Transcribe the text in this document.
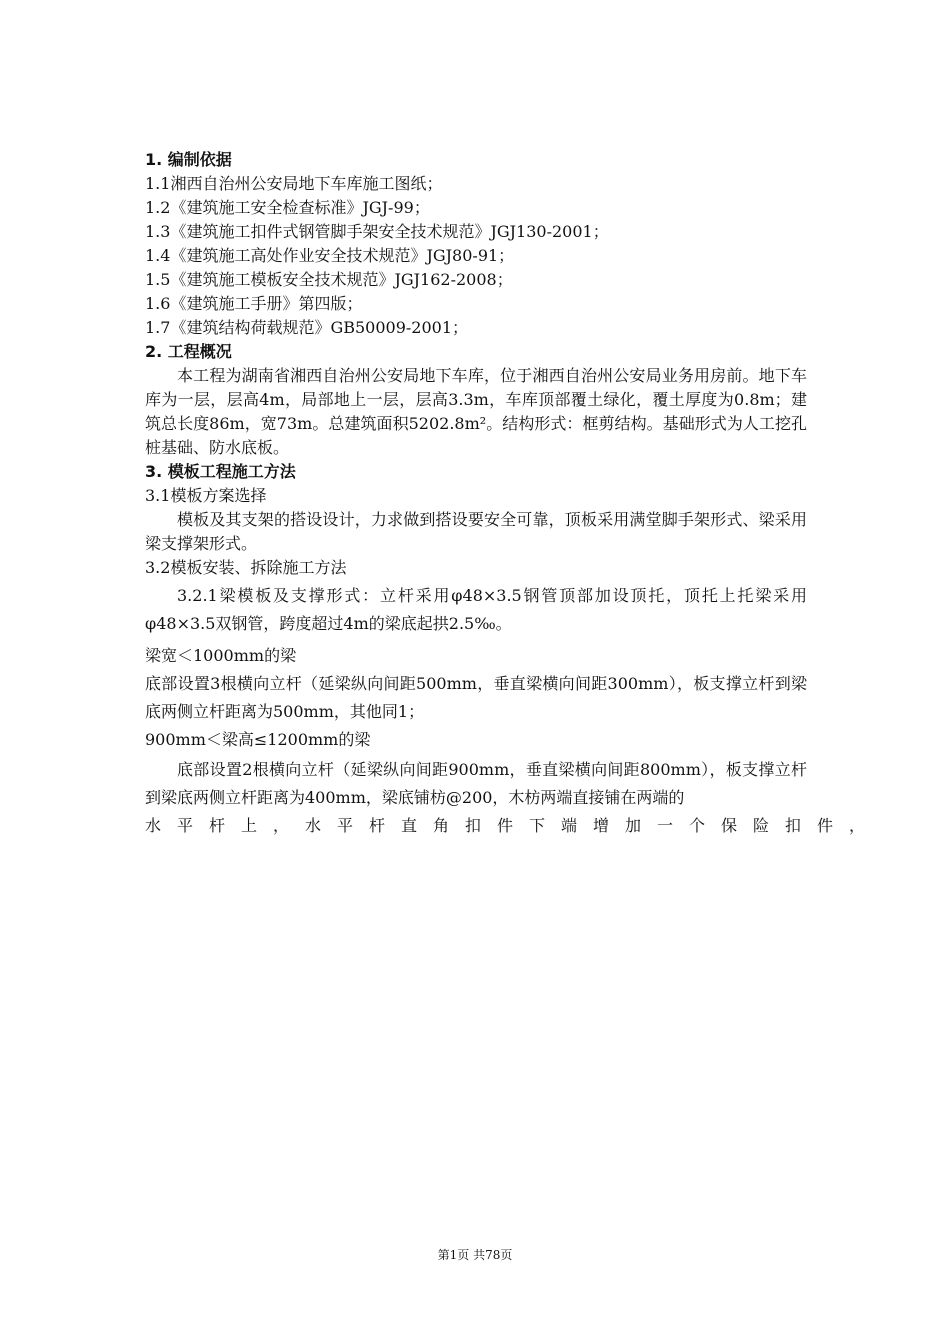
1. 编制依据
1.1湘西自治州公安局地下车库施工图纸；
1.2《建筑施工安全检查标准》JGJ-99；
1.3《建筑施工扣件式钢管脚手架安全技术规范》JGJ130-2001；
1.4《建筑施工高处作业安全技术规范》JGJ80-91；
1.5《建筑施工模板安全技术规范》JGJ162-2008；
1.6《建筑施工手册》第四版；
1.7《建筑结构荷载规范》GB50009-2001；
2. 工程概况
本工程为湖南省湘西自治州公安局地下车库，位于湘西自治州公安局业务用房前。地下车库为一层，层高4m，局部地上一层，层高3.3m，车库顶部覆土绿化，覆土厚度为0.8m；建筑总长度86m，宽73m。总建筑面积5202.8m²。结构形式：框剪结构。基础形式为人工挖孔桩基础、防水底板。
3. 模板工程施工方法
3.1模板方案选择
模板及其支架的搭设设计，力求做到搭设要安全可靠，顶板采用满堂脚手架形式、梁采用梁支撑架形式。
3.2模板安装、拆除施工方法
3.2.1梁模板及支撑形式：立杆采用φ48×3.5钢管顶部加设顶托，顶托上托梁采用φ48×3.5双钢管，跨度超过4m的梁底起拱2.5‰。
梁宽＜1000mm的梁
底部设置3根横向立杆（延梁纵向间距500mm，垂直梁横向间距300mm），板支撑立杆到梁底两侧立杆距离为500mm，其他同1；
900mm＜梁高≤1200mm的梁
底部设置2根横向立杆（延梁纵向间距900mm，垂直梁横向间距800mm），板支撑立杆到梁底两侧立杆距离为400mm，梁底铺枋@200，木枋两端直接铺在两端的
水平杆上，水平杆直角扣件下端增加一个保险扣件，
第1页 共78页
